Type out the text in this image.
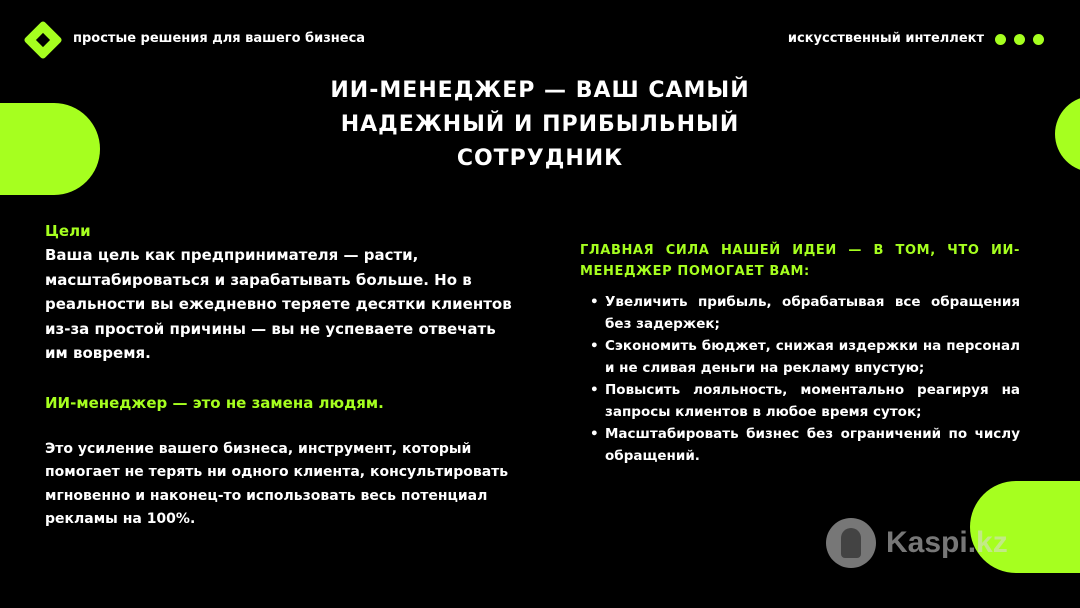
простые решения для вашего бизнеса	искусственный интеллект
ИИ-МЕНЕДЖЕР — ВАШ САМЫЙ
НАДЕЖНЫЙ И ПРИБЫЛЬНЫЙ
СОТРУДНИК
Цели
Ваша цель как предпринимателя — расти, масштабироваться и зарабатывать больше. Но в реальности вы ежедневно теряете десятки клиентов из-за простой причины — вы не успеваете отвечать им вовремя.
ИИ-менеджер — это не замена людям.
Это усиление вашего бизнеса, инструмент, который помогает не терять ни одного клиента, консультировать мгновенно и наконец-то использовать весь потенциал рекламы на 100%.
ГЛАВНАЯ СИЛА НАШЕЙ ИДЕИ — В ТОМ, ЧТО ИИ-МЕНЕДЖЕР ПОМОГАЕТ ВАМ:
• Увеличить прибыль, обрабатывая все обращения без задержек;
• Сэкономить бюджет, снижая издержки на персонал и не сливая деньги на рекламу впустую;
• Повысить лояльность, моментально реагируя на запросы клиентов в любое время суток;
• Масштабировать бизнес без ограничений по числу обращений.
Kaspi.kz
